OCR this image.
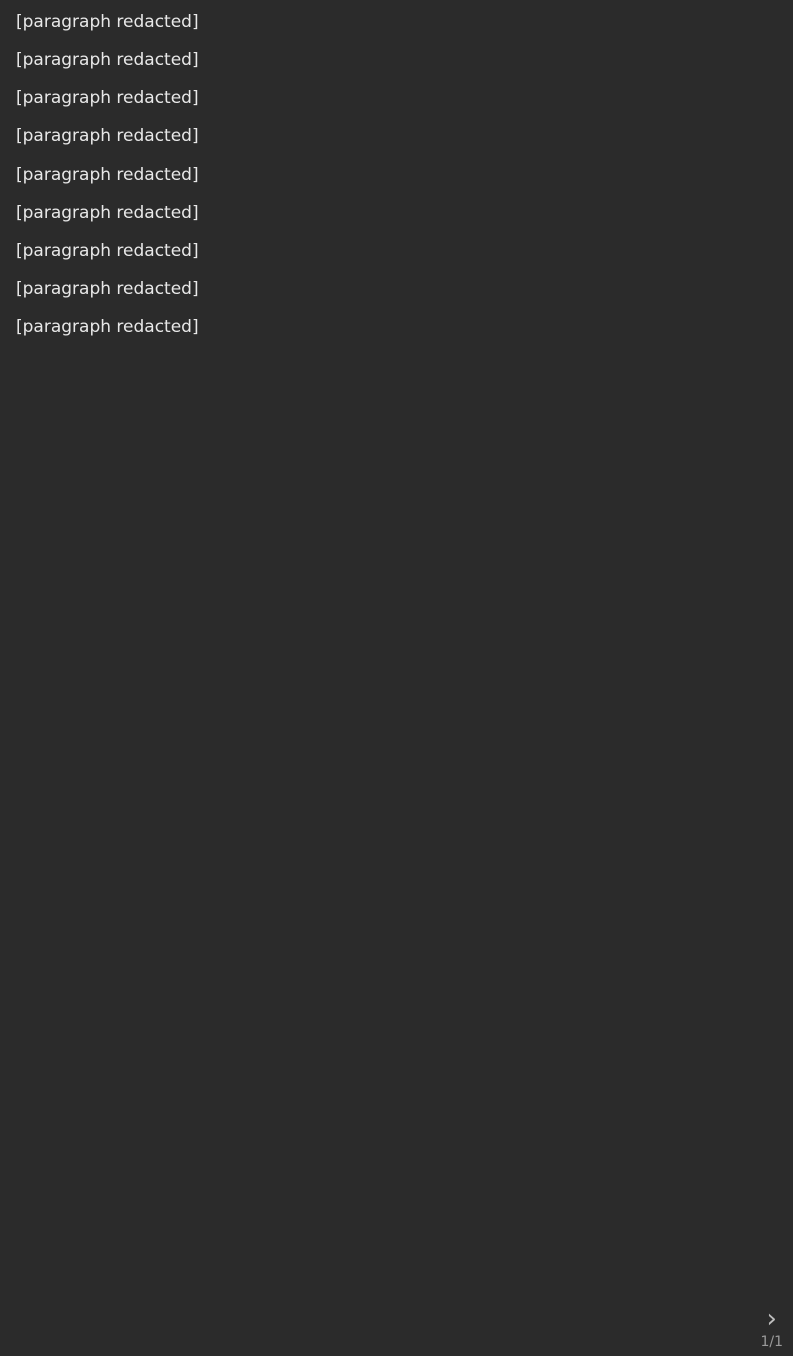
[paragraph redacted]

[paragraph redacted]

[paragraph redacted]

[paragraph redacted]

[paragraph redacted]

[paragraph redacted]

[paragraph redacted]

[paragraph redacted]

[paragraph redacted]

›
1/1
